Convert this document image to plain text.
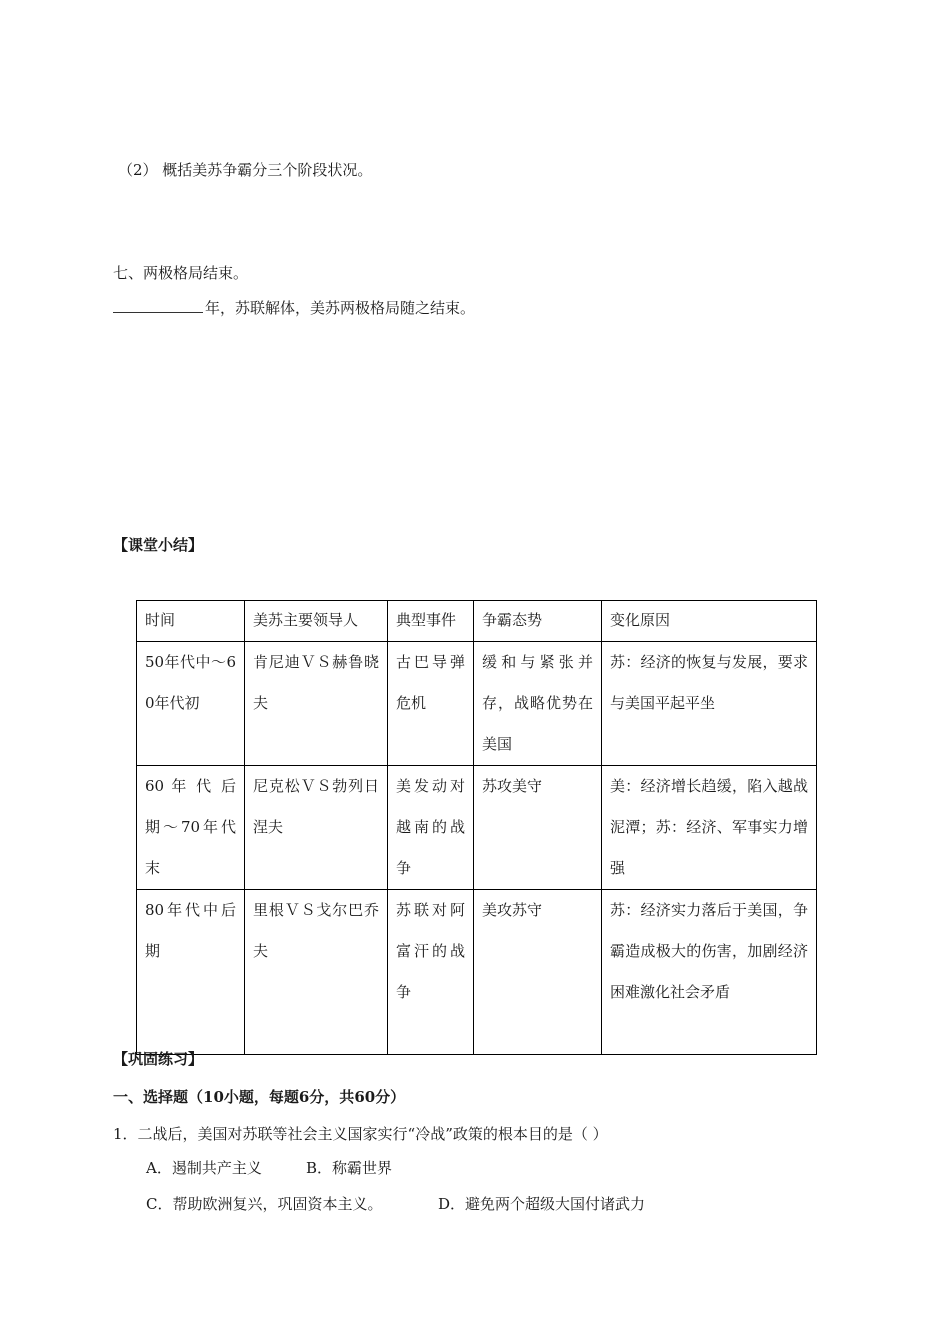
（2） 概括美苏争霸分三个阶段状况。
七、两极格局结束。
年，苏联解体，美苏两极格局随之结束。
【课堂小结】
时间	美苏主要领导人	典型事件	争霸态势	变化原因
50年代中～60年代初	肯尼迪ＶＳ赫鲁晓夫	古巴导弹危机	缓和与紧张并存，战略优势在美国	苏：经济的恢复与发展，要求与美国平起平坐
60 年 代 后 期～70年代末	尼克松ＶＳ勃列日涅夫	美发动对越南的战争	苏攻美守	美：经济增长趋缓，陷入越战泥潭；苏：经济、军事实力增强
80年代中后期	里根ＶＳ戈尔巴乔夫	苏联对阿富汗的战争	美攻苏守	苏：经济实力落后于美国，争霸造成极大的伤害，加剧经济困难激化社会矛盾
【巩固练习】
一、选择题（10小题，每题6分，共60分）
1．二战后，美国对苏联等社会主义国家实行“冷战”政策的根本目的是（ ）
A．遏制共产主义	B．称霸世界
C．帮助欧洲复兴，巩固资本主义。	D．避免两个超级大国付诸武力
